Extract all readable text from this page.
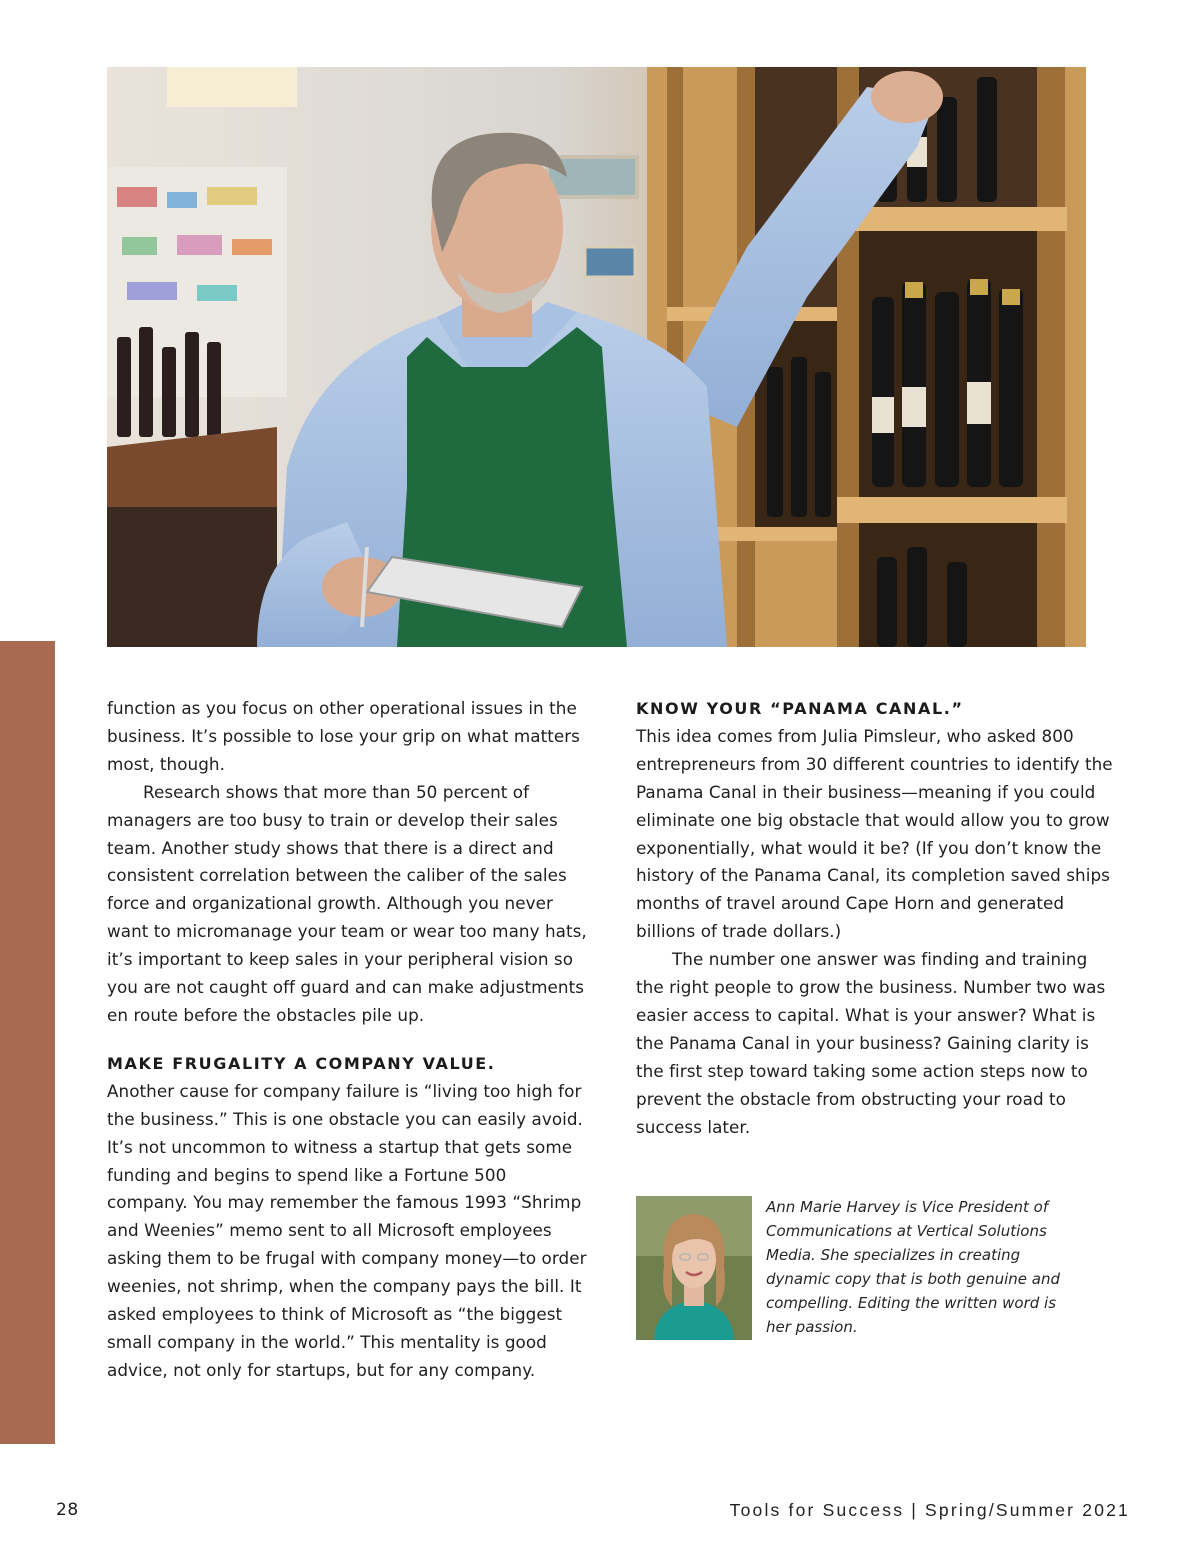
function as you focus on other operational issues in the business. It’s possible to lose your grip on what matters most, though.

Research shows that more than 50 percent of managers are too busy to train or develop their sales team. Another study shows that there is a direct and consistent correlation between the caliber of the sales force and organizational growth. Although you never want to micromanage your team or wear too many hats, it’s important to keep sales in your peripheral vision so you are not caught off guard and can make adjustments en route before the obstacles pile up.

MAKE FRUGALITY A COMPANY VALUE.

Another cause for company failure is “living too high for the business.” This is one obstacle you can easily avoid. It’s not uncommon to witness a startup that gets some funding and begins to spend like a Fortune 500 company. You may remember the famous 1993 “Shrimp and Weenies” memo sent to all Microsoft employees asking them to be frugal with company money—to order weenies, not shrimp, when the company pays the bill. It asked employees to think of Microsoft as “the biggest small company in the world.” This mentality is good advice, not only for startups, but for any company.

KNOW YOUR “PANAMA CANAL.”

This idea comes from Julia Pimsleur, who asked 800 entrepreneurs from 30 different countries to identify the Panama Canal in their business—meaning if you could eliminate one big obstacle that would allow you to grow exponentially, what would it be? (If you don’t know the history of the Panama Canal, its completion saved ships months of travel around Cape Horn and generated billions of trade dollars.)

The number one answer was finding and training the right people to grow the business. Number two was easier access to capital. What is your answer? What is the Panama Canal in your business? Gaining clarity is the first step toward taking some action steps now to prevent the obstacle from obstructing your road to success later.

Ann Marie Harvey is Vice President of Communications at Vertical Solutions Media. She specializes in creating dynamic copy that is both genuine and compelling. Editing the written word is her passion.
28	Tools for Success | Spring/Summer 2021
